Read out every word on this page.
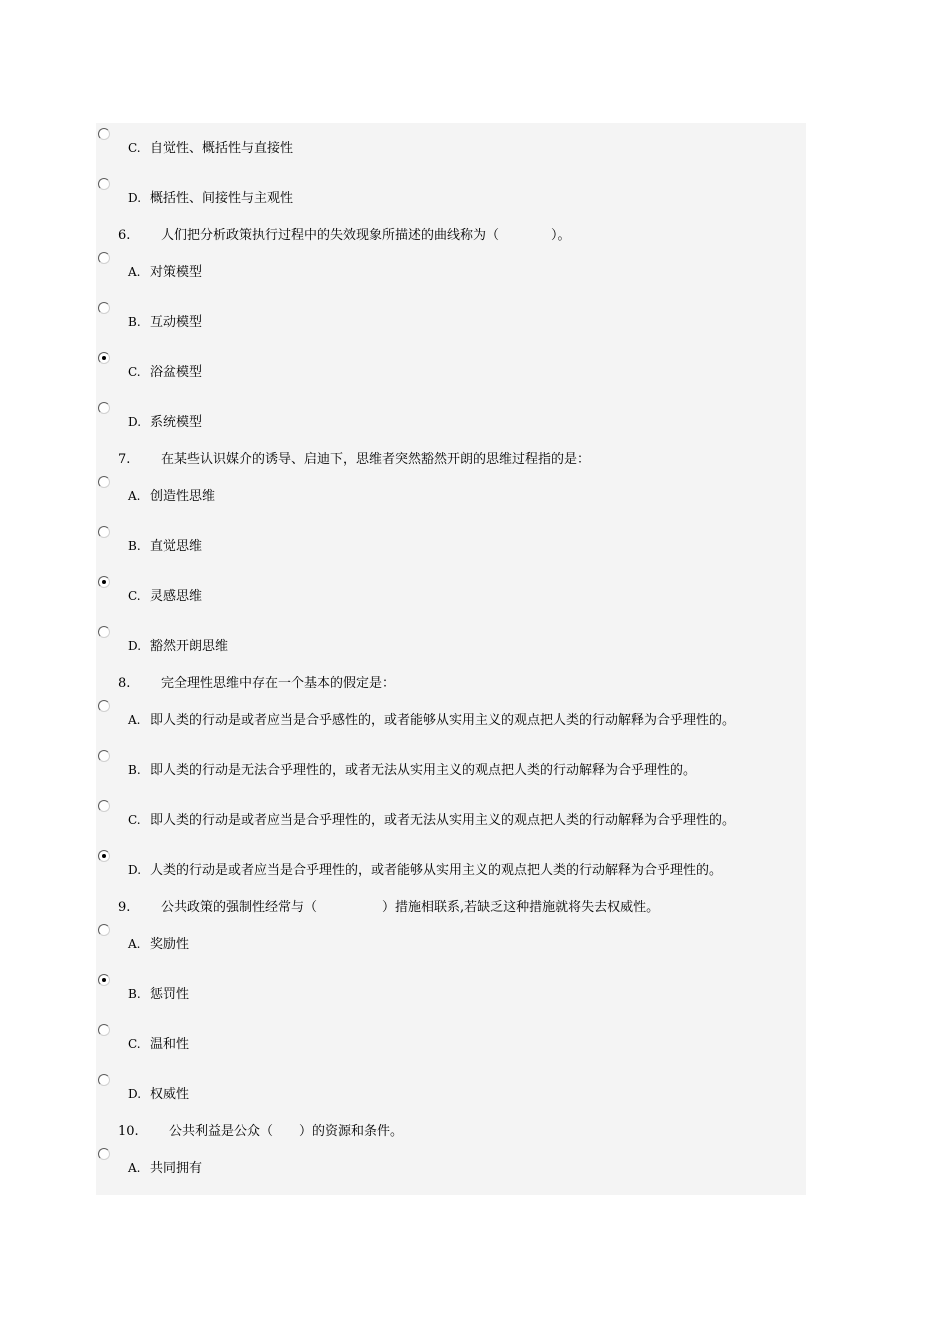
C. 自觉性、概括性与直接性
D. 概括性、间接性与主观性
6. 人们把分析政策执行过程中的失效现象所描述的曲线称为（　　　　）。
A. 对策模型
B. 互动模型
C. 浴盆模型
D. 系统模型
7. 在某些认识媒介的诱导、启迪下，思维者突然豁然开朗的思维过程指的是：
A. 创造性思维
B. 直觉思维
C. 灵感思维
D. 豁然开朗思维
8. 完全理性思维中存在一个基本的假定是：
A. 即人类的行动是或者应当是合乎感性的，或者能够从实用主义的观点把人类的行动解释为合乎理性的。
B. 即人类的行动是无法合乎理性的，或者无法从实用主义的观点把人类的行动解释为合乎理性的。
C. 即人类的行动是或者应当是合乎理性的，或者无法从实用主义的观点把人类的行动解释为合乎理性的。
D. 人类的行动是或者应当是合乎理性的，或者能够从实用主义的观点把人类的行动解释为合乎理性的。
9. 公共政策的强制性经常与（　　　　　）措施相联系,若缺乏这种措施就将失去权威性。
A. 奖励性
B. 惩罚性
C. 温和性
D. 权威性
10. 公共利益是公众（　　）的资源和条件。
A. 共同拥有
